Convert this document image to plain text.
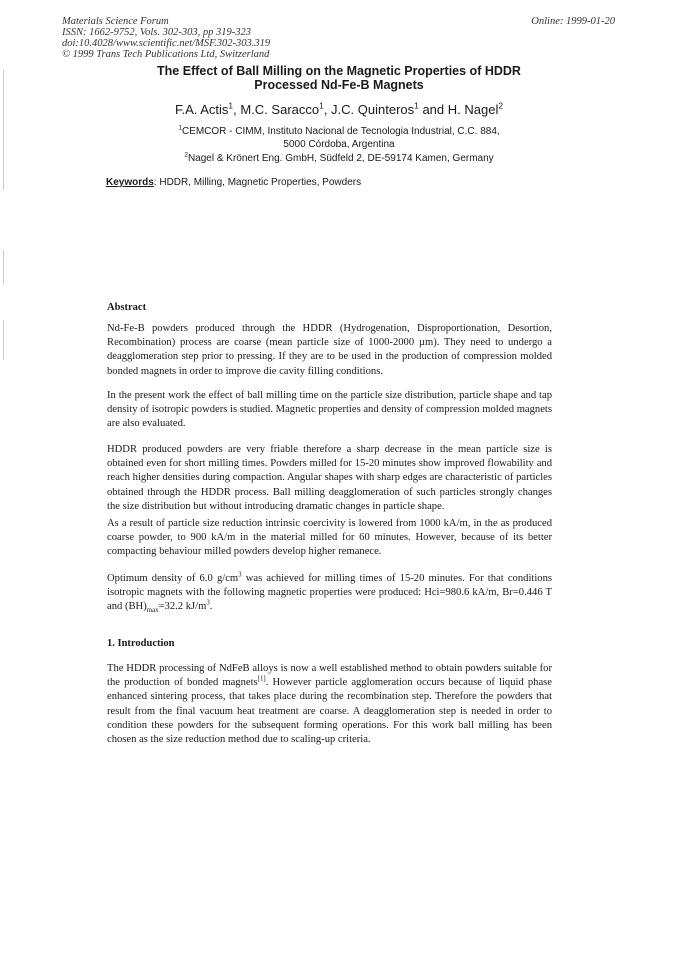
Materials Science Forum
ISSN: 1662-9752, Vols. 302-303, pp 319-323
doi:10.4028/www.scientific.net/MSF.302-303.319
© 1999 Trans Tech Publications Ltd, Switzerland
Online: 1999-01-20
The Effect of Ball Milling on the Magnetic Properties of HDDR
Processed Nd-Fe-B Magnets
F.A. Actis$^1$, M.C. Saracco$^1$, J.C. Quinteros$^1$ and H. Nagel$^2$
$^1$CEMCOR - CIMM, Instituto Nacional de Tecnologia Industrial, C.C. 884,
5000 Córdoba, Argentina
$^2$Nagel & Krönert Eng. GmbH, Südfeld 2, DE-59174 Kamen, Germany
Keywords: HDDR, Milling, Magnetic Properties, Powders
Abstract
Nd-Fe-B powders produced through the HDDR (Hydrogenation, Disproportionation, Desortion, Recombination) process are coarse (mean particle size of 1000-2000 µm). They need to undergo a deagglomeration step prior to pressing. If they are to be used in the production of compression molded bonded magnets in order to improve die cavity filling conditions.
In the present work the effect of ball milling time on the particle size distribution, particle shape and tap density of isotropic powders is studied. Magnetic properties and density of compression molded magnets are also evaluated.
HDDR produced powders are very friable therefore a sharp decrease in the mean particle size is obtained even for short milling times. Powders milled for 15-20 minutes show improved flowability and reach higher densities during compaction. Angular shapes with sharp edges are characteristic of particles obtained through the HDDR process. Ball milling deagglomeration of such particles strongly changes the size distribution but without introducing dramatic changes in particle shape.
As a result of particle size reduction intrinsic coercivity is lowered from 1000 kA/m, in the as produced coarse powder, to 900 kA/m in the material milled for 60 minutes. However, because of its better compacting behaviour milled powders develop higher remanece.
Optimum density of 6.0 $g/cm^3$ was achieved for milling times of 15-20 minutes. For that conditions isotropic magnets with the following magnetic properties were produced: Hci=980.6 kA/m, Br=0.446 T and $(BH)_{max}=32.2$ $kJ/m^3$.
1. Introduction
The HDDR processing of NdFeB alloys is now a well established method to obtain powders suitable for the production of bonded magnets[1]. However particle agglomeration occurs because of liquid phase enhanced sintering process, that takes place during the recombination step. Therefore the powders that result from the final vacuum heat treatment are coarse. A deagglomeration step is needed in order to condition these powders for the subsequent forming operations. For this work ball milling has been chosen as the size reduction method due to scaling-up criteria.
